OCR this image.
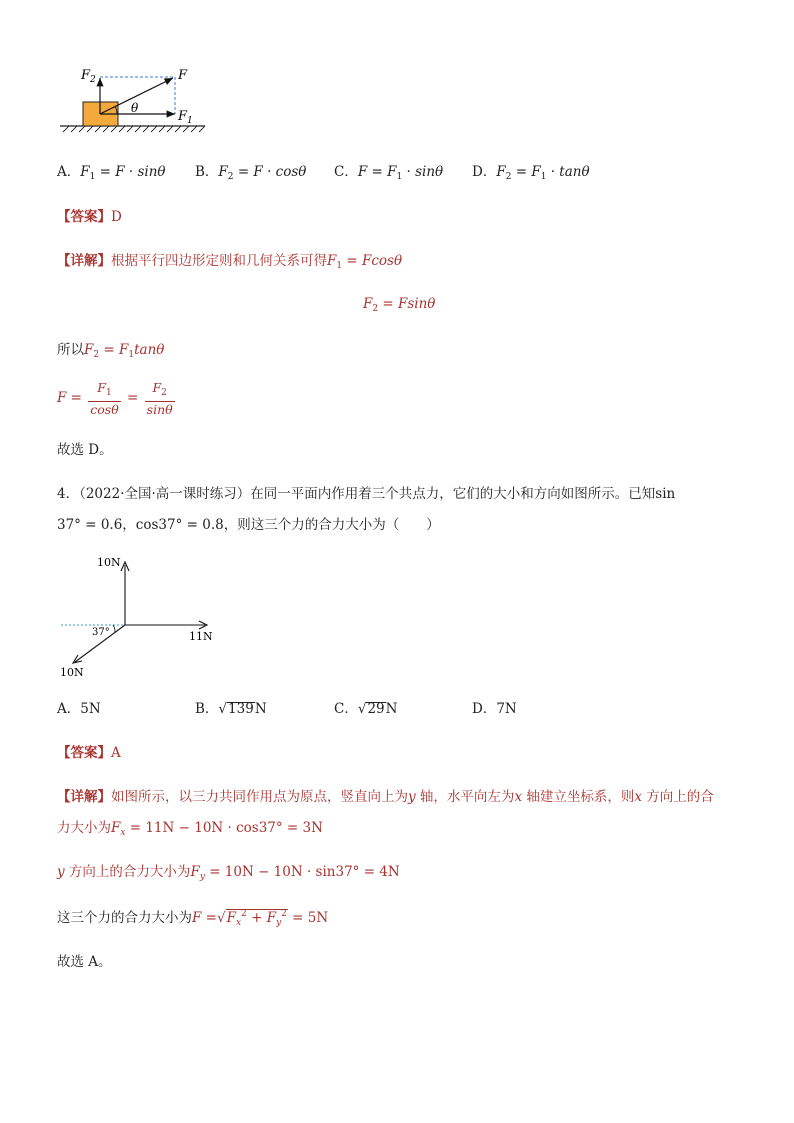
$F_2$	F
$F_1$
θ
A．$F_1 = F \cdot \sin\theta$ B．$F_2 = F \cdot \cos\theta$ C．$F = F_1 \cdot \sin\theta$ D．$F_2 = F_1 \cdot \tan\theta$
【答案】D
【详解】根据平行四边形定则和几何关系可得$F_1 = Fcos\theta$
$F_2 = Fsin\theta$
所以$F_2 = F_1\tan\theta$
$F = \frac{F_1}{\cos\theta} = \frac{F_2}{\sin\theta}$
故选 D。
4．（2022·全国·高一课时练习）在同一平面内作用着三个共点力，它们的大小和方向如图所示。已知sin
37° = 0.6，cos37° = 0.8，则这三个力的合力大小为（　　）
10N
11N
10N
37°
A．5N	B．√139N	C．√29N	D．7N
【答案】A
【详解】如图所示，以三力共同作用点为原点，竖直向上为y 轴，水平向左为x 轴建立坐标系，则x 方向上的合
力大小为$F_x = 11N - 10N \cdot \cos 37^\circ = 3N$
y 方向上的合力大小为$F_y = 10N - 10N \cdot \sin 37^\circ = 4N$
这三个力的合力大小为$F =√F_x^2 + F_y^2 = 5N$
故选 A。
